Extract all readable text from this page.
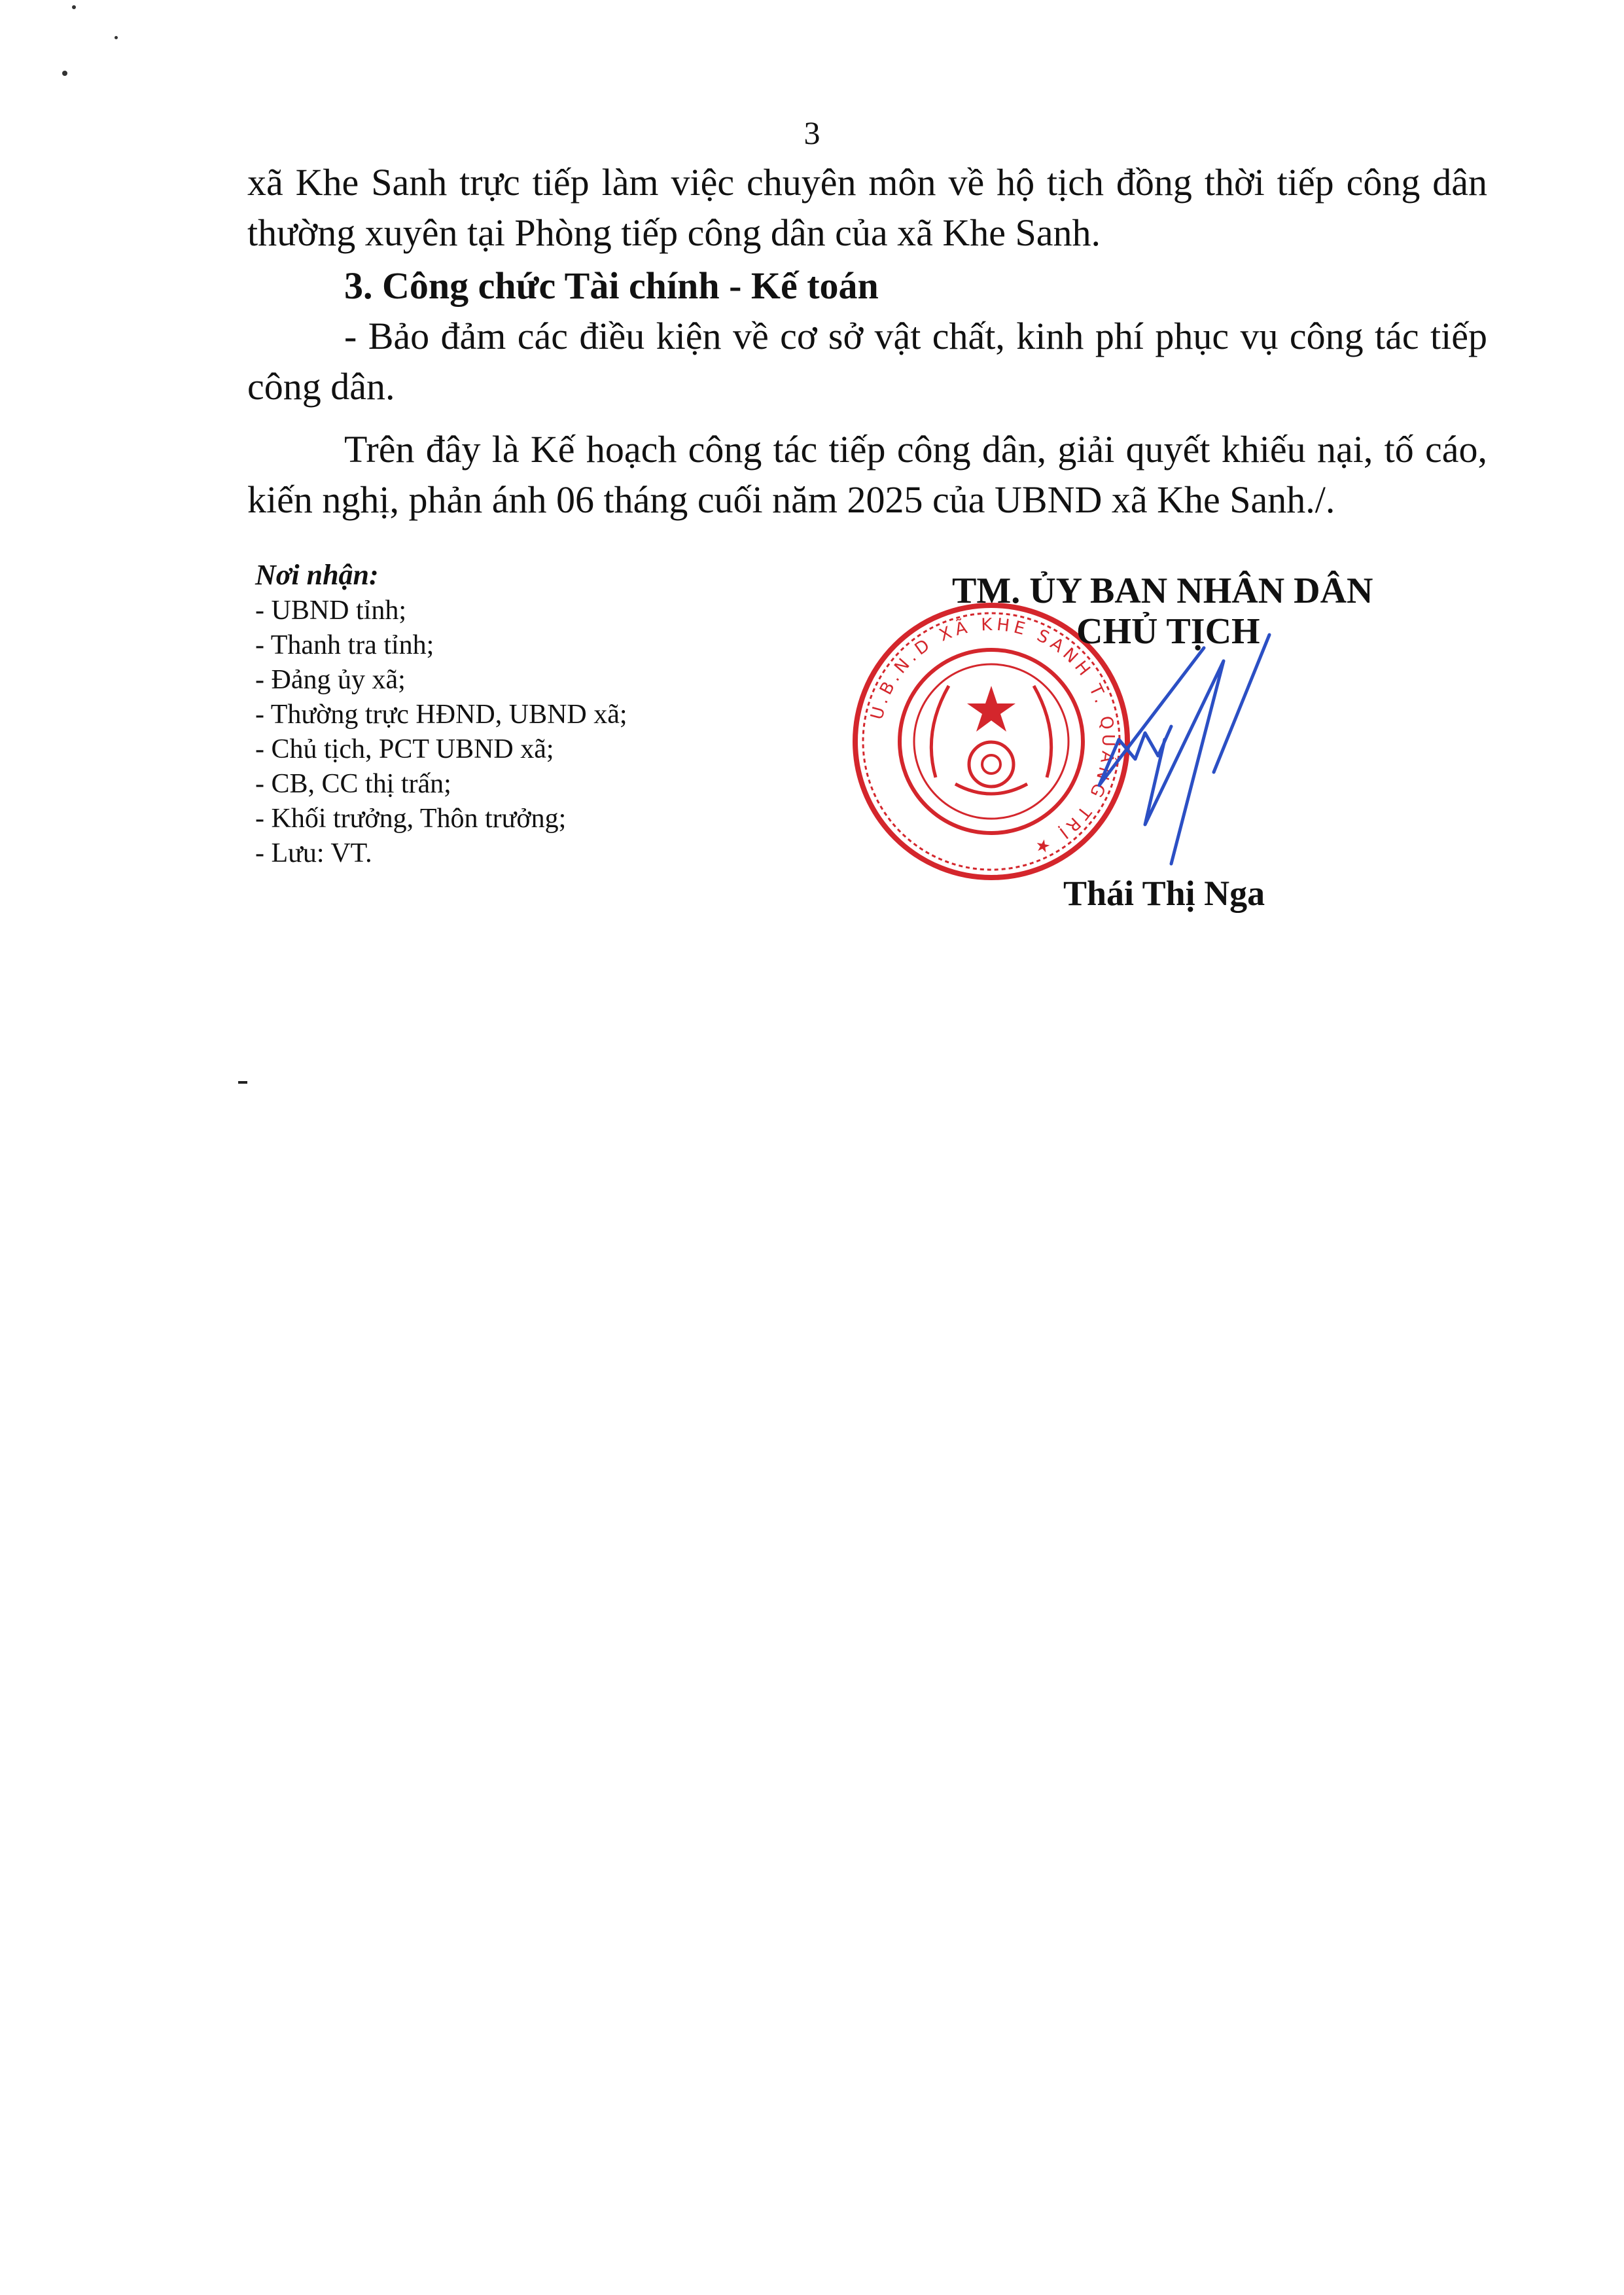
3

xã Khe Sanh trực tiếp làm việc chuyên môn về hộ tịch đồng thời tiếp công dân thường xuyên tại Phòng tiếp công dân của xã Khe Sanh.

3. Công chức Tài chính - Kế toán

- Bảo đảm các điều kiện về cơ sở vật chất, kinh phí phục vụ công tác tiếp công dân.

Trên đây là Kế hoạch công tác tiếp công dân, giải quyết khiếu nại, tố cáo, kiến nghị, phản ánh 06 tháng cuối năm 2025 của UBND xã Khe Sanh./.

Nơi nhận:

- UBND tỉnh;
- Thanh tra tỉnh;
- Đảng ủy xã;
- Thường trực HĐND, UBND xã;
- Chủ tịch, PCT UBND xã;
- CB, CC thị trấn;
- Khối trưởng, Thôn trưởng;
- Lưu: VT.
U.B.N.D XÃ KHE SANH T. QUẢNG TRỊ ★
TM. ỦY BAN NHÂN DÂN
CHỦ TỊCH
Thái Thị Nga
